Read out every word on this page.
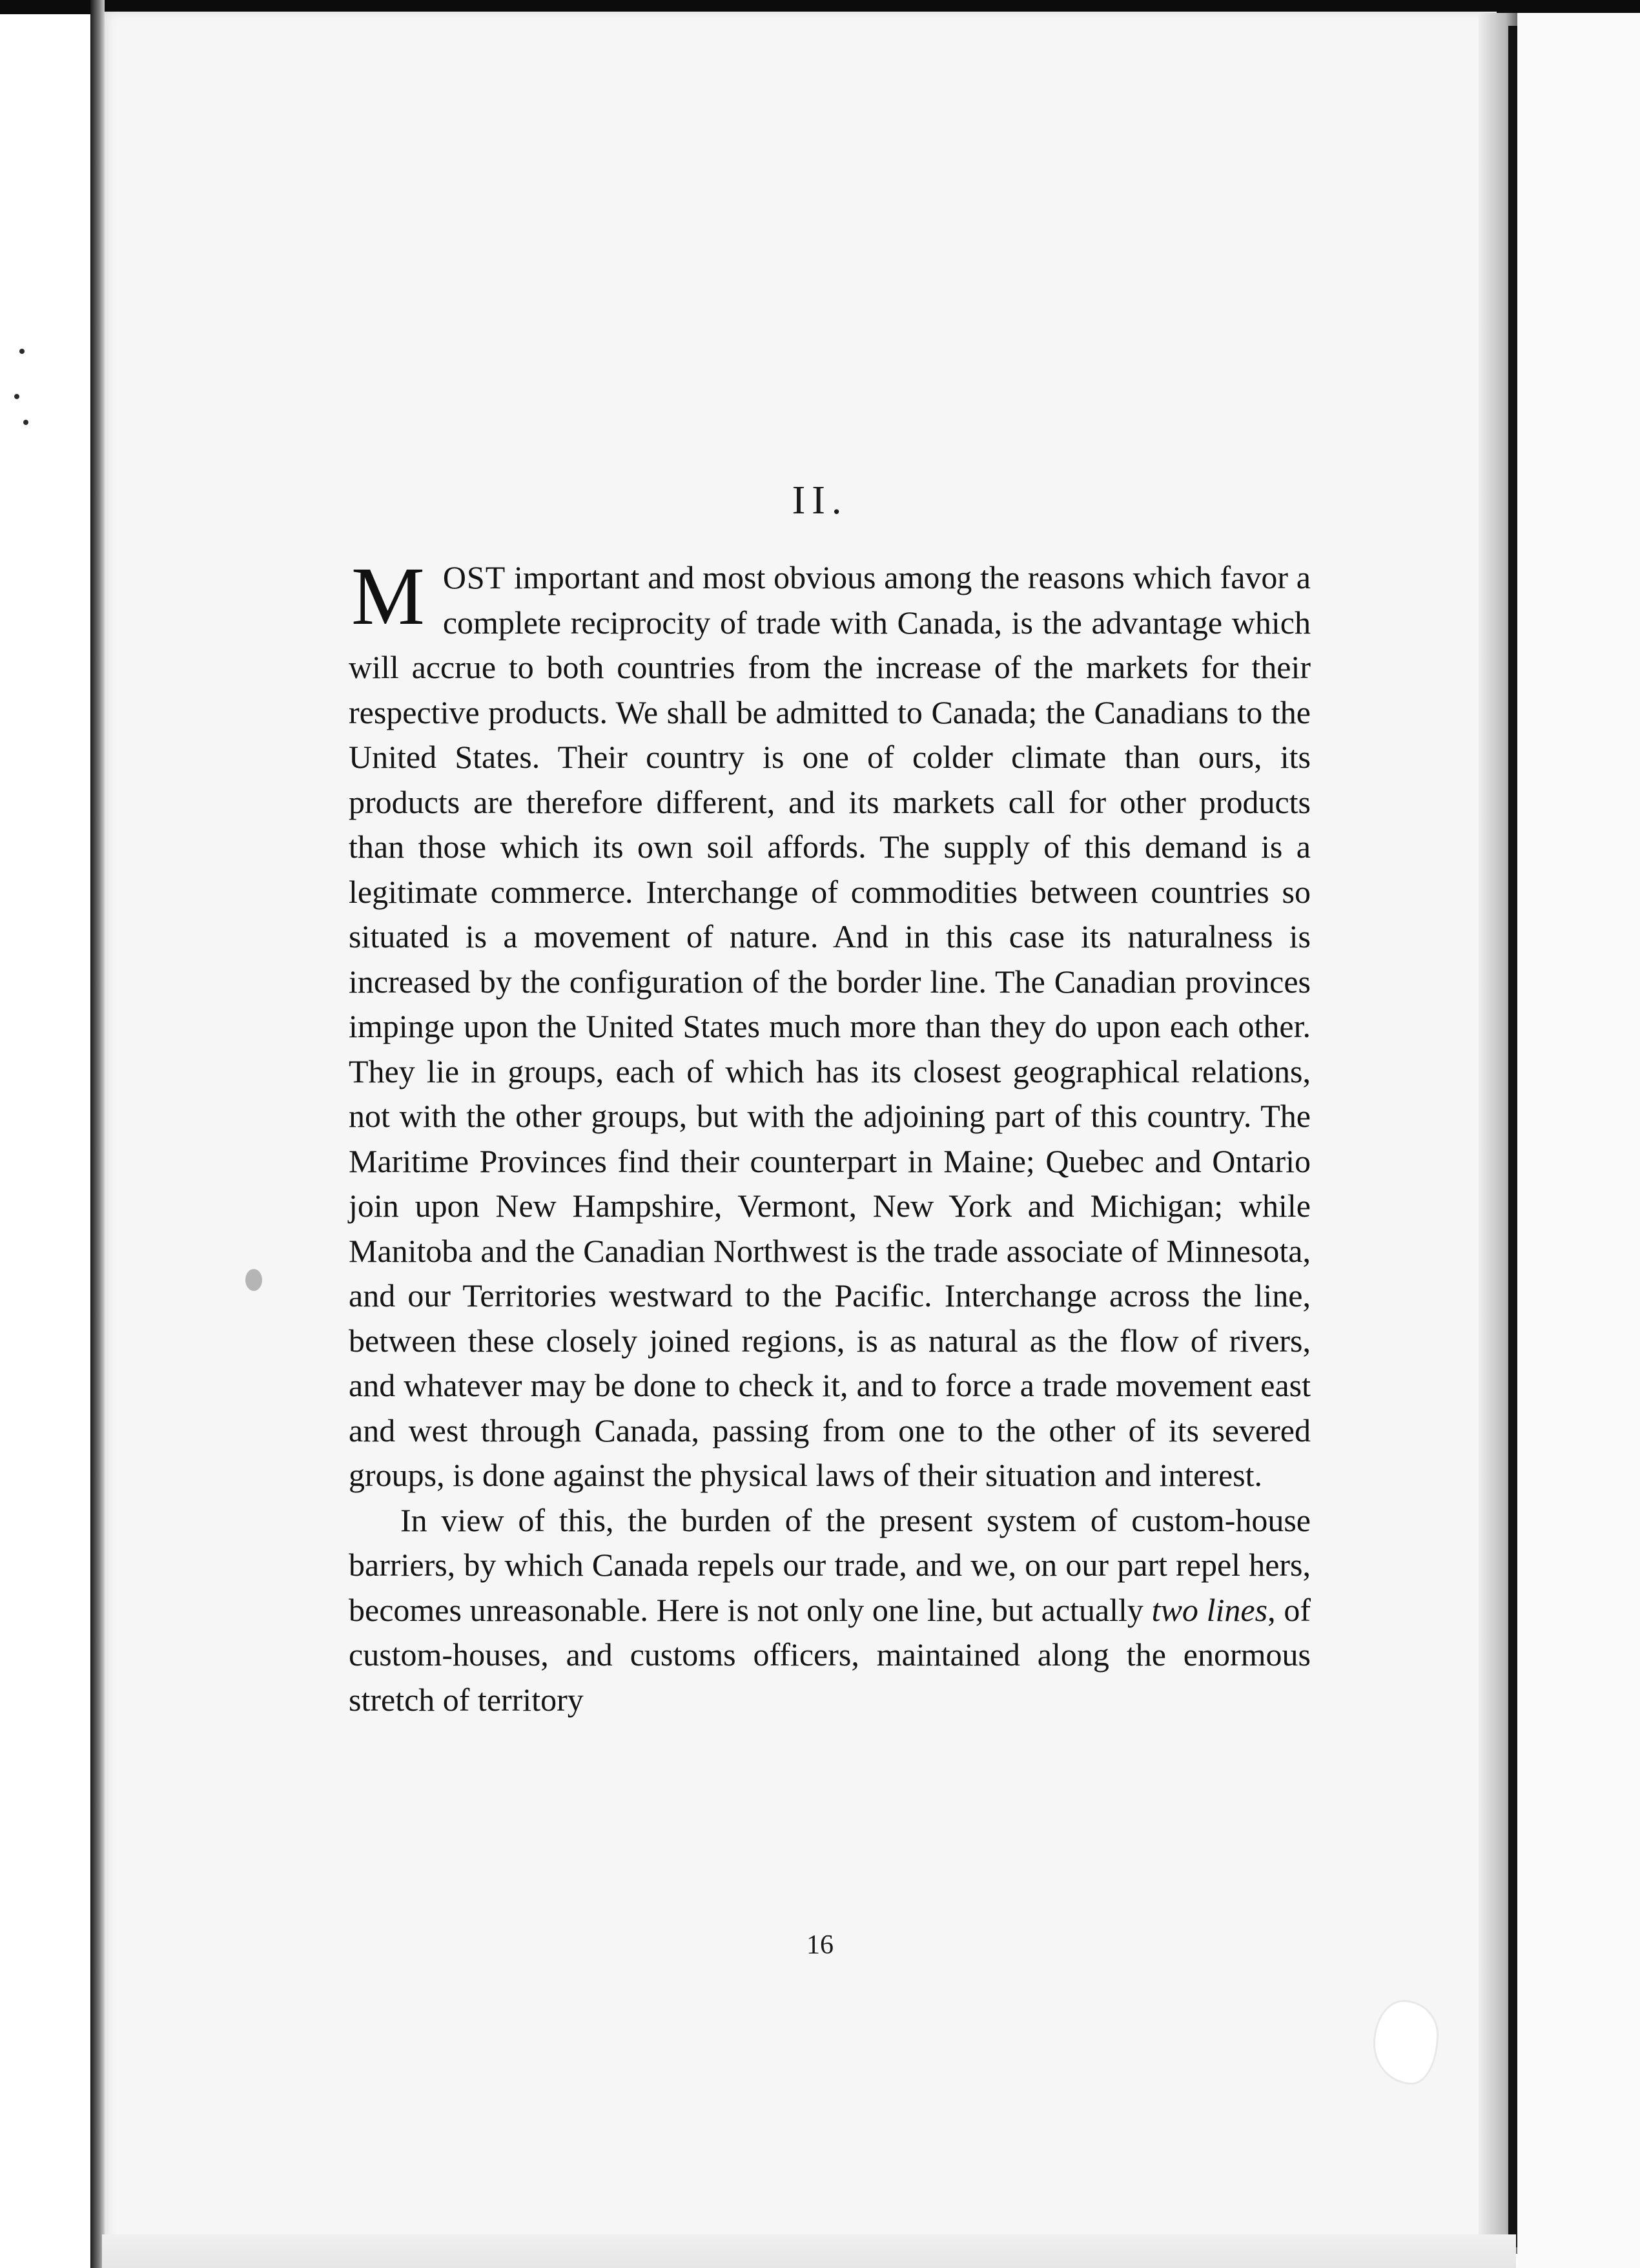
II.

MOST important and most obvious among the reasons which favor a complete reciprocity of trade with Canada, is the advantage which will accrue to both countries from the increase of the markets for their respective products. We shall be admitted to Canada; the Canadians to the United States. Their country is one of colder climate than ours, its products are therefore different, and its markets call for other products than those which its own soil affords. The supply of this demand is a legitimate commerce. Interchange of commodities between countries so situated is a movement of nature. And in this case its naturalness is increased by the configuration of the border line. The Canadian provinces impinge upon the United States much more than they do upon each other. They lie in groups, each of which has its closest geographical relations, not with the other groups, but with the adjoining part of this country. The Maritime Provinces find their counterpart in Maine; Quebec and Ontario join upon New Hampshire, Vermont, New York and Michigan; while Manitoba and the Canadian Northwest is the trade associate of Minnesota, and our Territories westward to the Pacific. Interchange across the line, between these closely joined regions, is as natural as the flow of rivers, and whatever may be done to check it, and to force a trade movement east and west through Canada, passing from one to the other of its severed groups, is done against the physical laws of their situation and interest.

In view of this, the burden of the present system of custom-house barriers, by which Canada repels our trade, and we, on our part repel hers, becomes unreasonable. Here is not only one line, but actually two lines, of custom-houses, and customs officers, maintained along the enormous stretch of territory

16
